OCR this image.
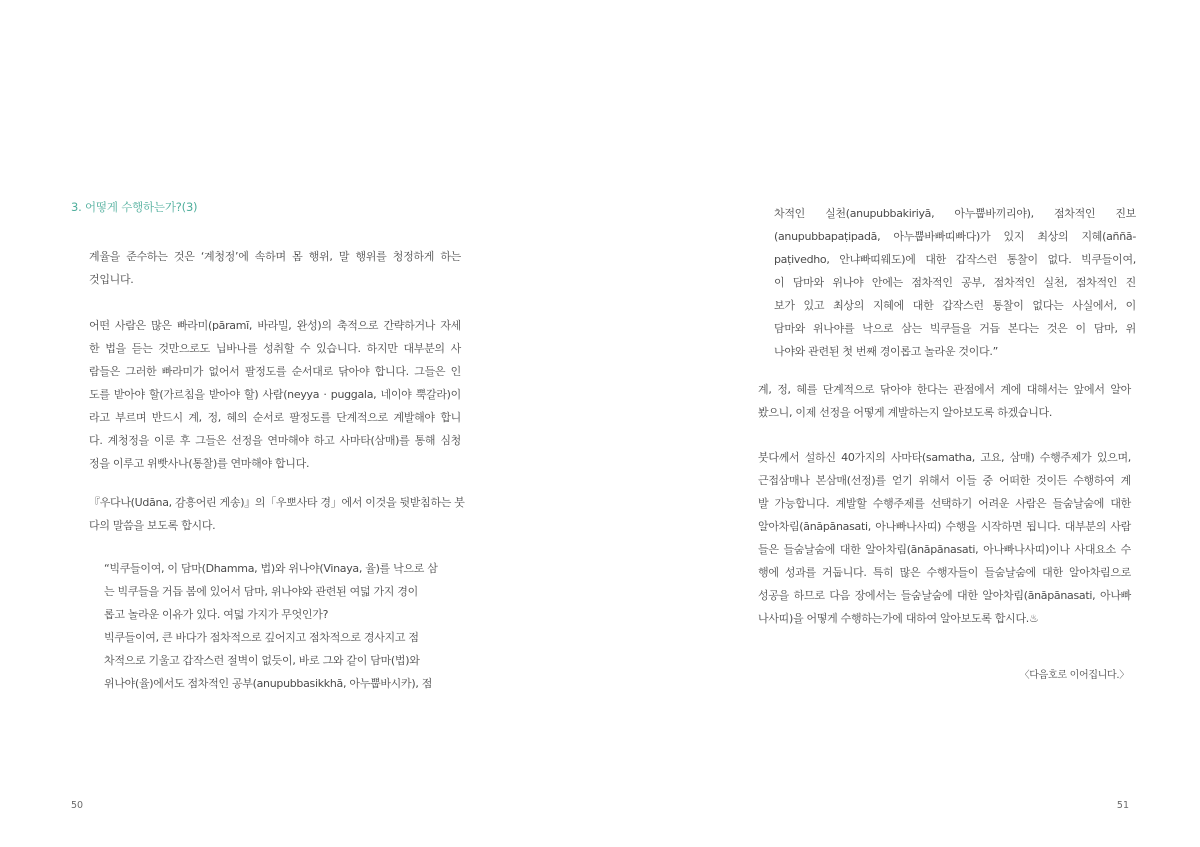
3. 어떻게 수행하는가?(3)
계율을 준수하는 것은 ‘계청정’에 속하며 몸 행위, 말 행위를 청정하게 하는
것입니다.
어떤 사람은 많은 빠라미(pāramī, 바라밀, 완성)의 축적으로 간략하거나 자세
한 법을 듣는 것만으로도 닙바나를 성취할 수 있습니다. 하지만 대부분의 사
람들은 그러한 빠라미가 없어서 팔정도를 순서대로 닦아야 합니다. 그들은 인
도를 받아야 할(가르침을 받아야 할) 사람(neyya · puggala, 네이야 뿍갈라)이
라고 부르며 반드시 계, 정, 혜의 순서로 팔정도를 단계적으로 계발해야 합니
다. 계청정을 이룬 후 그들은 선정을 연마해야 하고 사마타(삼매)를 통해 심청
정을 이루고 위빳사나(통찰)를 연마해야 합니다.
『우다나(Udāna, 감흥어린 게송)』의「우뽀사타 경」에서 이것을 뒷받침하는 붓
다의 말씀을 보도록 합시다.
“빅쿠들이여, 이 담마(Dhamma, 법)와 위나야(Vinaya, 율)를 낙으로 삼
는 빅쿠들을 거듭 봄에 있어서 담마, 위나야와 관련된 여덟 가지 경이
롭고 놀라운 이유가 있다. 여덟 가지가 무엇인가?
빅쿠들이여, 큰 바다가 점차적으로 깊어지고 점차적으로 경사지고 점
차적으로 기울고 갑작스런 절벽이 없듯이, 바로 그와 같이 담마(법)와
위나야(율)에서도 점차적인 공부(anupubbasikkhā, 아누뿝바시카), 점
50
차적인 실천(anupubbakiriyā, 아누뿝바끼리야), 점차적인 진보
(anupubbapaṭipadā, 아누뿝바빠띠빠다)가 있지 최상의 지혜(aññā-
paṭivedho, 안냐빠띠웨도)에 대한 갑작스런 통찰이 없다. 빅쿠들이여,
이 담마와 위나야 안에는 점차적인 공부, 점차적인 실천, 점차적인 진
보가 있고 최상의 지혜에 대한 갑작스런 통찰이 없다는 사실에서, 이
담마와 위나야를 낙으로 삼는 빅쿠들을 거듭 본다는 것은 이 담마, 위
나야와 관련된 첫 번째 경이롭고 놀라운 것이다.”
계, 정, 혜를 단계적으로 닦아야 한다는 관점에서 계에 대해서는 앞에서 알아
봤으니, 이제 선정을 어떻게 계발하는지 알아보도록 하겠습니다.
붓다께서 설하신 40가지의 사마타(samatha, 고요, 삼매) 수행주제가 있으며,
근접삼매나 본삼매(선정)를 얻기 위해서 이들 중 어떠한 것이든 수행하여 계
발 가능합니다. 계발할 수행주제를 선택하기 어려운 사람은 들숨날숨에 대한
알아차림(ānāpānasati, 아나빠나사띠) 수행을 시작하면 됩니다. 대부분의 사람
들은 들숨날숨에 대한 알아차림(ānāpānasati, 아나빠나사띠)이나 사대요소 수
행에 성과를 거둡니다. 특히 많은 수행자들이 들숨날숨에 대한 알아차림으로
성공을 하므로 다음 장에서는 들숨날숨에 대한 알아차림(ānāpānasati, 아나빠
나사띠)을 어떻게 수행하는가에 대하여 알아보도록 합시다.♨
〈다음호로 이어집니다.〉
51
